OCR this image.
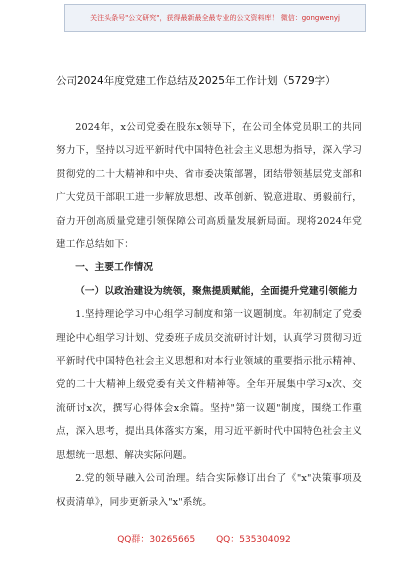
关注头条号"公文研究"，获得最新最全最专业的公文资料库！ 微信：gongwenyj
公司2024年度党建工作总结及2025年工作计划（5729字）

2024年，x公司党委在股东x领导下，在公司全体党员职工的共同努力下，坚持以习近平新时代中国特色社会主义思想为指导，深入学习贯彻党的二十大精神和中央、省市委决策部署，团结带领基层党支部和广大党员干部职工进一步解放思想、改革创新、锐意进取、勇毅前行，奋力开创高质量党建引领保障公司高质量发展新局面。现将2024年党建工作总结如下：

一、主要工作情况

（一）以政治建设为统领，聚焦提质赋能，全面提升党建引领能力

1.坚持理论学习中心组学习制度和第一议题制度。年初制定了党委理论中心组学习计划、党委班子成员交流研讨计划，认真学习贯彻习近平新时代中国特色社会主义思想和对本行业领域的重要指示批示精神、党的二十大精神上级党委有关文件精神等。全年开展集中学习x次、交流研讨x次，撰写心得体会x余篇。坚持"第一议题"制度，围绕工作重点，深入思考，提出具体落实方案，用习近平新时代中国特色社会主义思想统一思想、解决实际问题。

2.党的领导融入公司治理。结合实际修订出台了《"x"决策事项及权责清单》，同步更新录入"x"系统。

QQ群：30265665 QQ：535304092
